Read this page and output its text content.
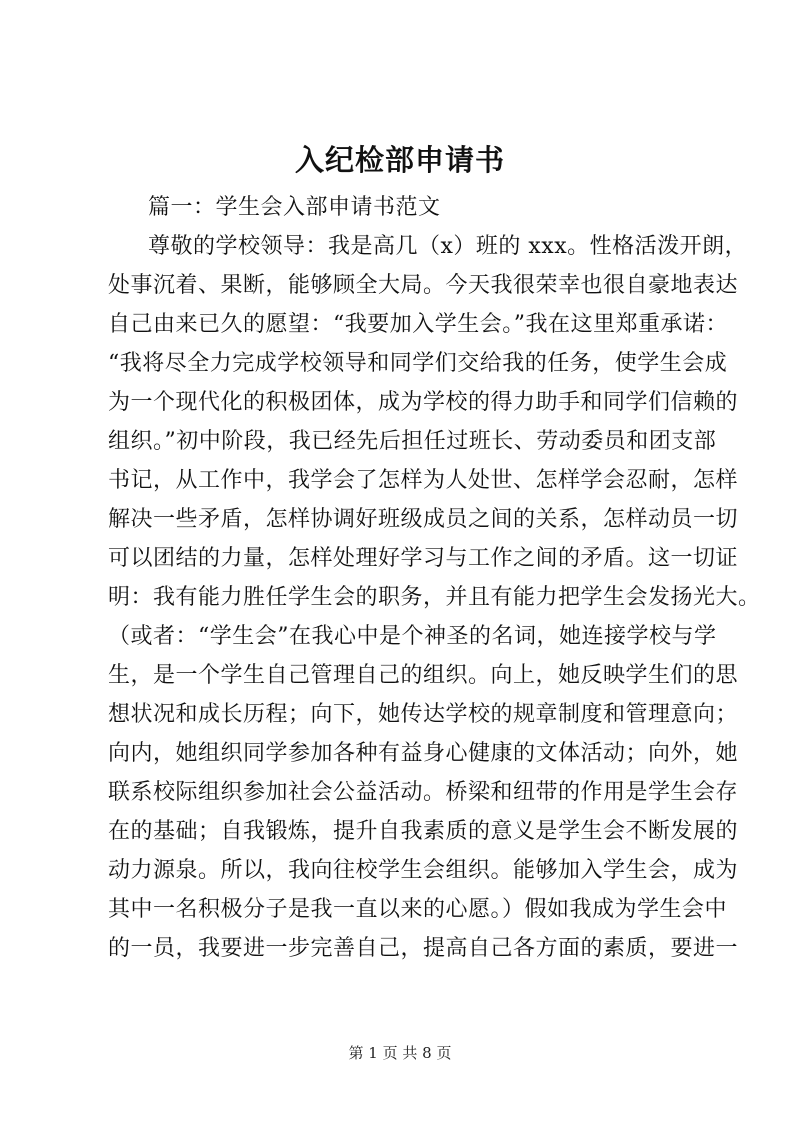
入纪检部申请书
篇一：学生会入部申请书范文
尊敬的学校领导：我是高几（x）班的 xxx。性格活泼开朗，
处事沉着、果断，能够顾全大局。今天我很荣幸也很自豪地表达
自己由来已久的愿望：“我要加入学生会。”我在这里郑重承诺：
“我将尽全力完成学校领导和同学们交给我的任务，使学生会成
为一个现代化的积极团体，成为学校的得力助手和同学们信赖的
组织。”初中阶段，我已经先后担任过班长、劳动委员和团支部
书记，从工作中，我学会了怎样为人处世、怎样学会忍耐，怎样
解决一些矛盾，怎样协调好班级成员之间的关系，怎样动员一切
可以团结的力量，怎样处理好学习与工作之间的矛盾。这一切证
明：我有能力胜任学生会的职务，并且有能力把学生会发扬光大。
（或者：“学生会”在我心中是个神圣的名词，她连接学校与学
生，是一个学生自己管理自己的组织。向上，她反映学生们的思
想状况和成长历程；向下，她传达学校的规章制度和管理意向；
向内，她组织同学参加各种有益身心健康的文体活动；向外，她
联系校际组织参加社会公益活动。桥梁和纽带的作用是学生会存
在的基础；自我锻炼，提升自我素质的意义是学生会不断发展的
动力源泉。所以，我向往校学生会组织。能够加入学生会，成为
其中一名积极分子是我一直以来的心愿。）假如我成为学生会中
的一员，我要进一步完善自己，提高自己各方面的素质，要进一
第 1 页 共 8 页
